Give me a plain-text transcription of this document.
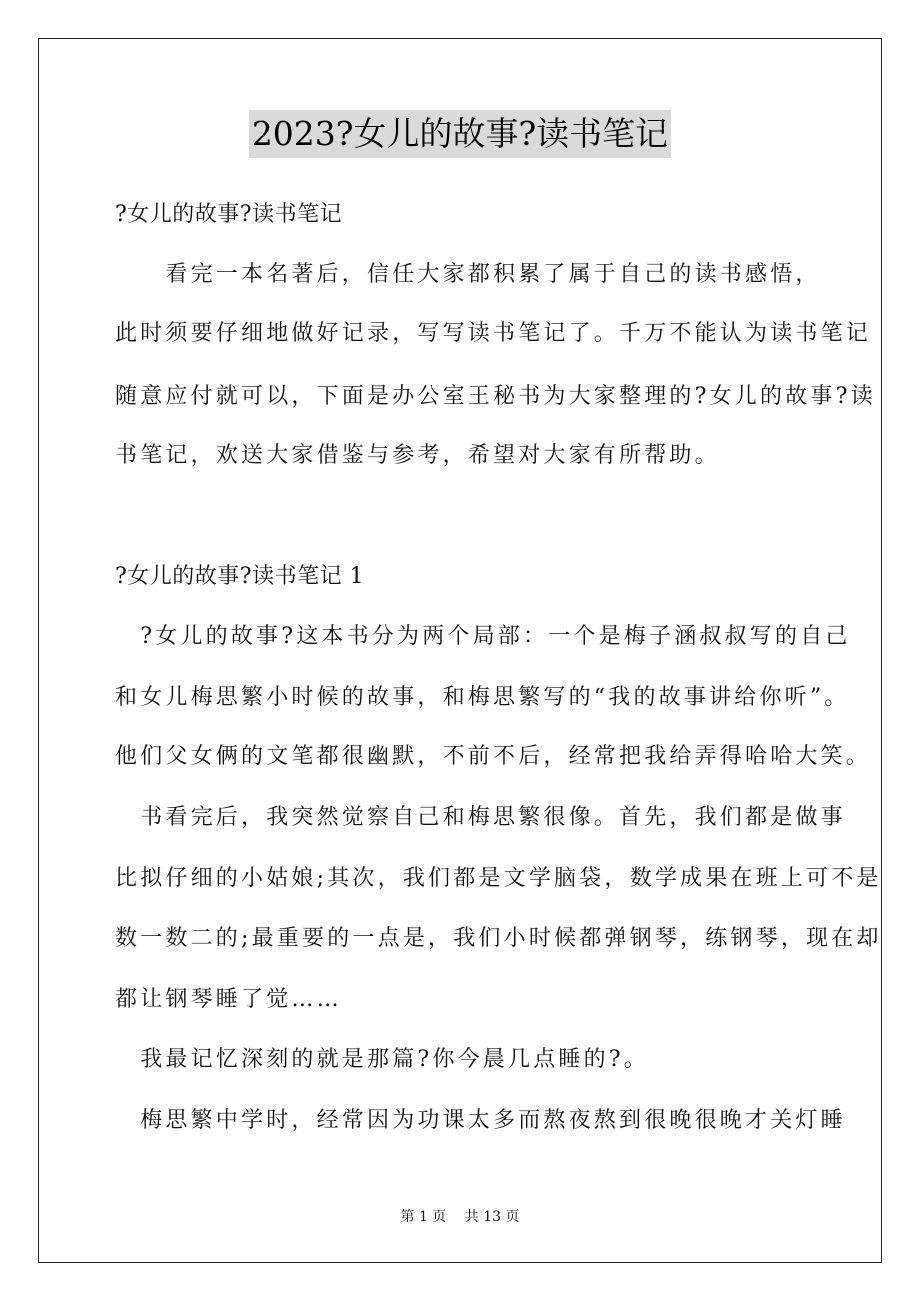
2023?女儿的故事?读书笔记
?女儿的故事?读书笔记
　　看完一本名著后，信任大家都积累了属于自己的读书感悟，
此时须要仔细地做好记录，写写读书笔记了。千万不能认为读书笔记
随意应付就可以，下面是办公室王秘书为大家整理的?女儿的故事?读
书笔记，欢送大家借鉴与参考，希望对大家有所帮助。
?女儿的故事?读书笔记 1
　?女儿的故事?这本书分为两个局部：一个是梅子涵叔叔写的自己
和女儿梅思繁小时候的故事，和梅思繁写的“我的故事讲给你听”。
他们父女俩的文笔都很幽默，不前不后，经常把我给弄得哈哈大笑。
　书看完后，我突然觉察自己和梅思繁很像。首先，我们都是做事
比拟仔细的小姑娘;其次，我们都是文学脑袋，数学成果在班上可不是
数一数二的;最重要的一点是，我们小时候都弹钢琴，练钢琴，现在却
都让钢琴睡了觉……
　我最记忆深刻的就是那篇?你今晨几点睡的?。
　梅思繁中学时，经常因为功课太多而熬夜熬到很晚很晚才关灯睡
第 1 页　 共 13 页
